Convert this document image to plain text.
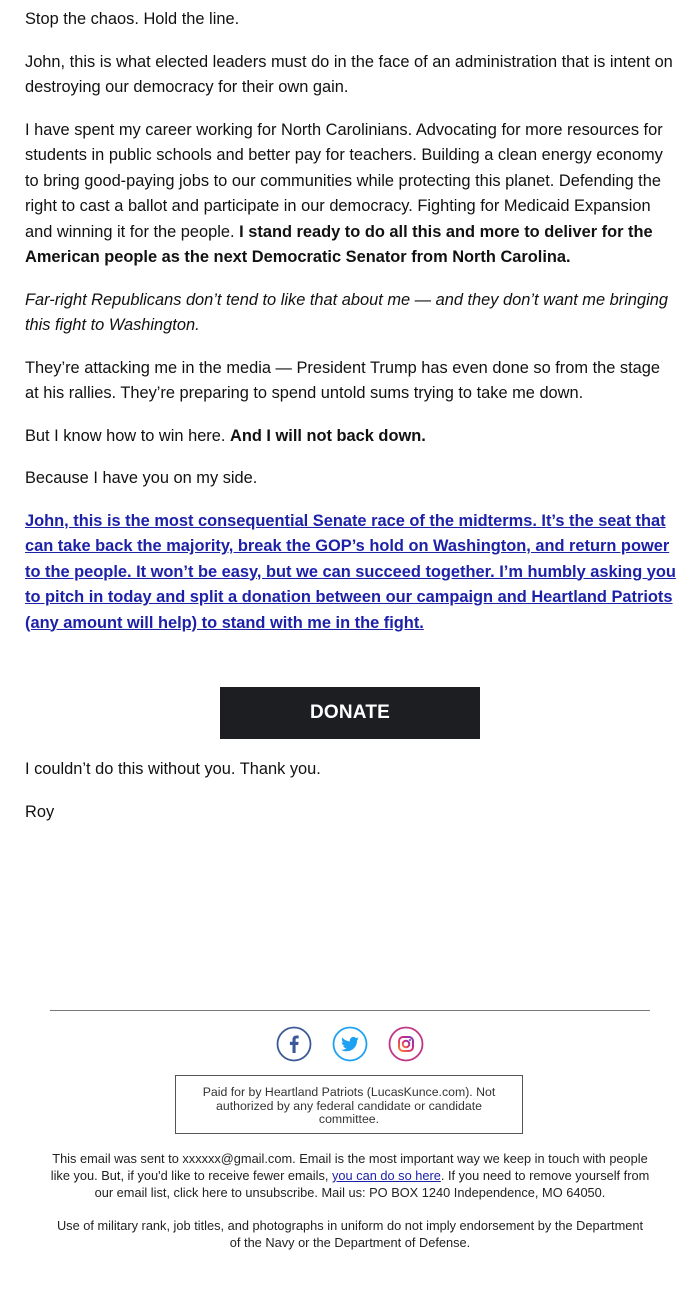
Stop the chaos. Hold the line.

John, this is what elected leaders must do in the face of an administration that is intent on destroying our democracy for their own gain.

I have spent my career working for North Carolinians. Advocating for more resources for students in public schools and better pay for teachers. Building a clean energy economy to bring good-paying jobs to our communities while protecting this planet. Defending the right to cast a ballot and participate in our democracy. Fighting for Medicaid Expansion and winning it for the people. I stand ready to do all this and more to deliver for the American people as the next Democratic Senator from North Carolina.

Far-right Republicans don’t tend to like that about me — and they don’t want me bringing this fight to Washington.

They’re attacking me in the media — President Trump has even done so from the stage at his rallies. They’re preparing to spend untold sums trying to take me down.

But I know how to win here. And I will not back down.

Because I have you on my side.

John, this is the most consequential Senate race of the midterms. It’s the seat that can take back the majority, break the GOP’s hold on Washington, and return power to the people. It won’t be easy, but we can succeed together. I’m humbly asking you to pitch in today and split a donation between our campaign and Heartland Patriots (any amount will help) to stand with me in the fight.

DONATE

I couldn’t do this without you. Thank you.

Roy

Paid for by Heartland Patriots (LucasKunce.com). Not authorized by any federal candidate or candidate committee.

This email was sent to xxxxxx@gmail.com. Email is the most important way we keep in touch with people like you. But, if you'd like to receive fewer emails, you can do so here. If you need to remove yourself from our email list, click here to unsubscribe. Mail us: PO BOX 1240 Independence, MO 64050.

Use of military rank, job titles, and photographs in uniform do not imply endorsement by the Department of the Navy or the Department of Defense.
